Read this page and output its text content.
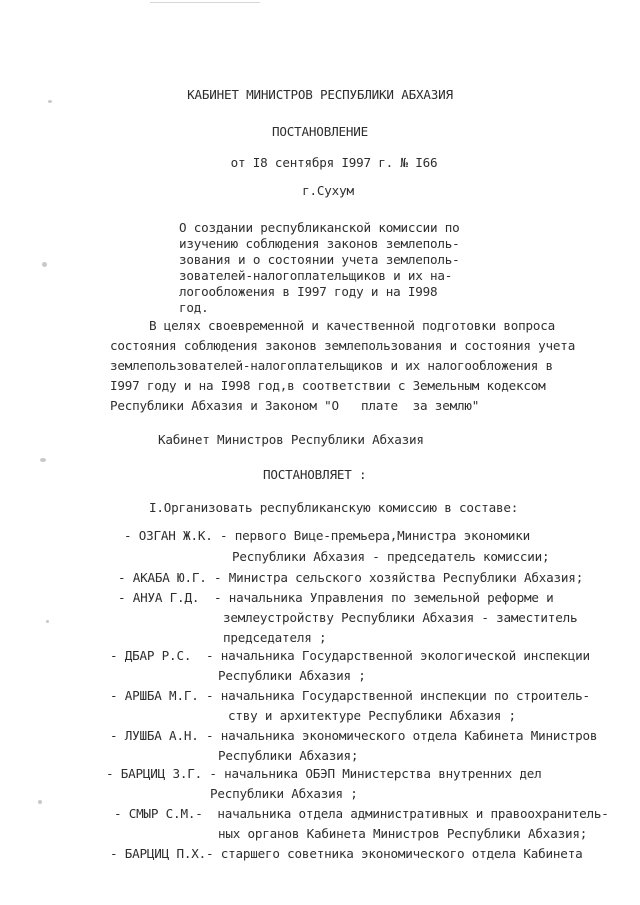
КАБИНЕТ МИНИСТРОВ РЕСПУБЛИКИ АБХАЗИЯ
ПОСТАНОВЛЕНИЕ
от I8 сентября I997 г. № I66
г.Сухум
О создании республиканской комиссии по
изучению соблюдения законов землеполь-
зования и о состоянии учета землеполь-
зователей-налогоплательщиков и их на-
логообложения в I997 году и на I998
год.
В целях своевременной и качественной подготовки вопроса
состояния соблюдения законов землепользования и состояния учета
землепользователей-налогоплательщиков и их налогообложения в
I997 году и на I998 год,в соответствии с Земельным кодексом
Республики Абхазия и Законом "О   плате  за землю"
Кабинет Министров Республики Абхазия
ПОСТАНОВЛЯЕТ :
I.Организовать республиканскую комиссию в составе:
- ОЗГАН Ж.К. - первого Вице-премьера,Министра экономики
Республики Абхазия - председатель комиссии;
- АКАБА Ю.Г. - Министра сельского хозяйства Республики Абхазия;
- АНУА Г.Д.  - начальника Управления по земельной реформе и
землеустройству Республики Абхазия - заместитель
председателя ;
- ДБАР Р.С.  - начальника Государственной экологической инспекции
Республики Абхазия ;
- АРШБА М.Г. - начальника Государственной инспекции по строитель-
ству и архитектуре Республики Абхазия ;
- ЛУШБА А.Н. - начальника экономического отдела Кабинета Министров
Республики Абхазия;
- БАРЦИЦ З.Г. - начальника ОБЭП Министерства внутренних дел
Республики Абхазия ;
- СМЫР С.М.-  начальника отдела административных и правоохранитель-
ных органов Кабинета Министров Республики Абхазия;
- БАРЦИЦ П.Х.- старшего советника экономического отдела Кабинета
